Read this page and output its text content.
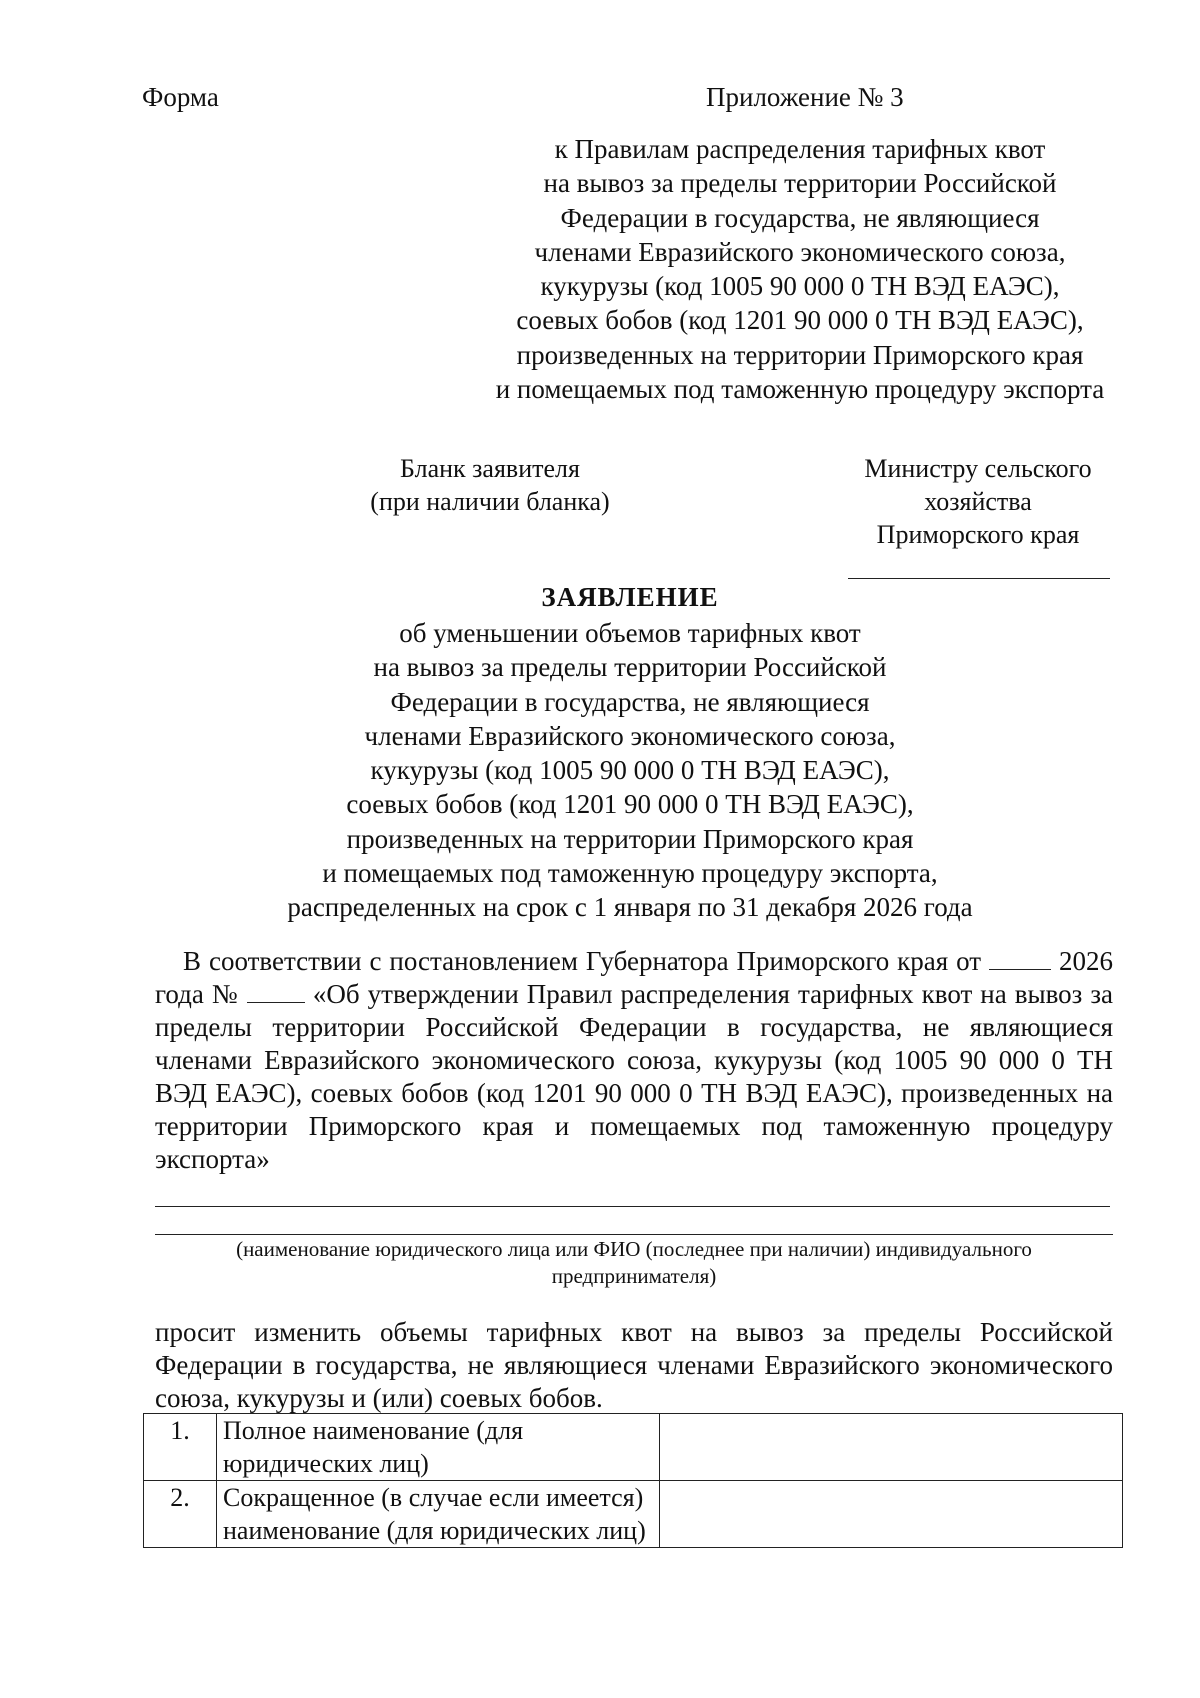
Форма	Приложение № 3
к Правилам распределения тарифных квот
на вывоз за пределы территории Российской
Федерации в государства, не являющиеся
членами Евразийского экономического союза,
кукурузы (код 1005 90 000 0 ТН ВЭД ЕАЭС),
соевых бобов (код 1201 90 000 0 ТН ВЭД ЕАЭС),
произведенных на территории Приморского края
и помещаемых под таможенную процедуру экспорта
Бланк заявителя
(при наличии бланка)
Министру сельского
хозяйства
Приморского края
ЗАЯВЛЕНИЕ
об уменьшении объемов тарифных квот
на вывоз за пределы территории Российской
Федерации в государства, не являющиеся
членами Евразийского экономического союза,
кукурузы (код 1005 90 000 0 ТН ВЭД ЕАЭС),
соевых бобов (код 1201 90 000 0 ТН ВЭД ЕАЭС),
произведенных на территории Приморского края
и помещаемых под таможенную процедуру экспорта,
распределенных на срок с 1 января по 31 декабря 2026 года
В соответствии с постановлением Губернатора Приморского края от	2026 года №	«Об утверждении Правил распределения тарифных квот на вывоз за пределы территории Российской Федерации в государства, не являющиеся членами Евразийского экономического союза, кукурузы (код 1005 90 000 0 ТН ВЭД ЕАЭС), соевых бобов (код 1201 90 000 0 ТН ВЭД ЕАЭС), произведенных на территории Приморского края и помещаемых под таможенную процедуру экспорта»
(наименование юридического лица или ФИО (последнее при наличии) индивидуального предпринимателя)
просит изменить объемы тарифных квот на вывоз за пределы Российской Федерации в государства, не являющиеся членами Евразийского экономического союза, кукурузы и (или) соевых бобов.
1.	Полное наименование (для юридических лиц)	
2.	Сокращенное (в случае если имеется) наименование (для юридических лиц)	
